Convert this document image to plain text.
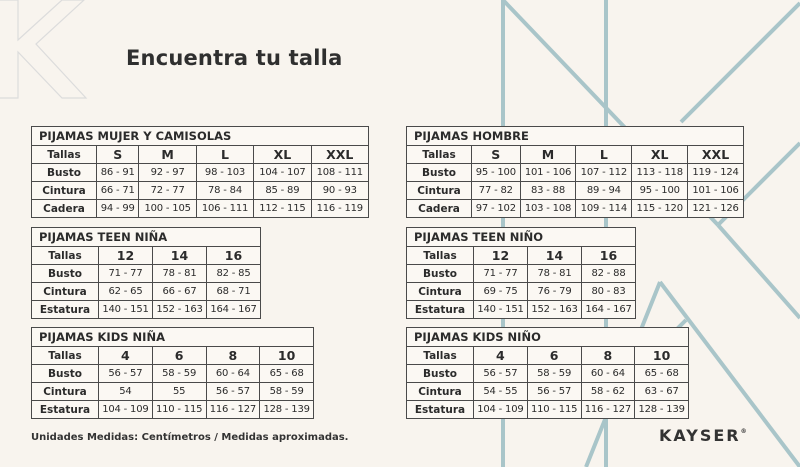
Encuentra tu talla
PIJAMAS MUJER Y CAMISOLAS					
Tallas	S	M	L	XL	XXL
Busto	86 - 91	92 - 97	98 - 103	104 - 107	108 - 111
Cintura	66 - 71	72 - 77	78 - 84	85 - 89	90 - 93
Cadera	94 - 99	100 - 105	106 - 111	112 - 115	116 - 119
PIJAMAS HOMBRE					
Tallas	S	M	L	XL	XXL
Busto	95 - 100	101 - 106	107 - 112	113 - 118	119 - 124
Cintura	77 - 82	83 - 88	89 - 94	95 - 100	101 - 106
Cadera	97 - 102	103 - 108	109 - 114	115 - 120	121 - 126
PIJAMAS TEEN NIÑA			
Tallas	12	14	16
Busto	71 - 77	78 - 81	82 - 85
Cintura	62 - 65	66 - 67	68 - 71
Estatura	140 - 151	152 - 163	164 - 167
PIJAMAS TEEN NIÑO			
Tallas	12	14	16
Busto	71 - 77	78 - 81	82 - 88
Cintura	69 - 75	76 - 79	80 - 83
Estatura	140 - 151	152 - 163	164 - 167
PIJAMAS KIDS NIÑA				
Tallas	4	6	8	10
Busto	56 - 57	58 - 59	60 - 64	65 - 68
Cintura	54	55	56 - 57	58 - 59
Estatura	104 - 109	110 - 115	116 - 127	128 - 139
PIJAMAS KIDS NIÑO				
Tallas	4	6	8	10
Busto	56 - 57	58 - 59	60 - 64	65 - 68
Cintura	54 - 55	56 - 57	58 - 62	63 - 67
Estatura	104 - 109	110 - 115	116 - 127	128 - 139
Unidades Medidas: Centímetros / Medidas aproximadas.	KAYSER®
